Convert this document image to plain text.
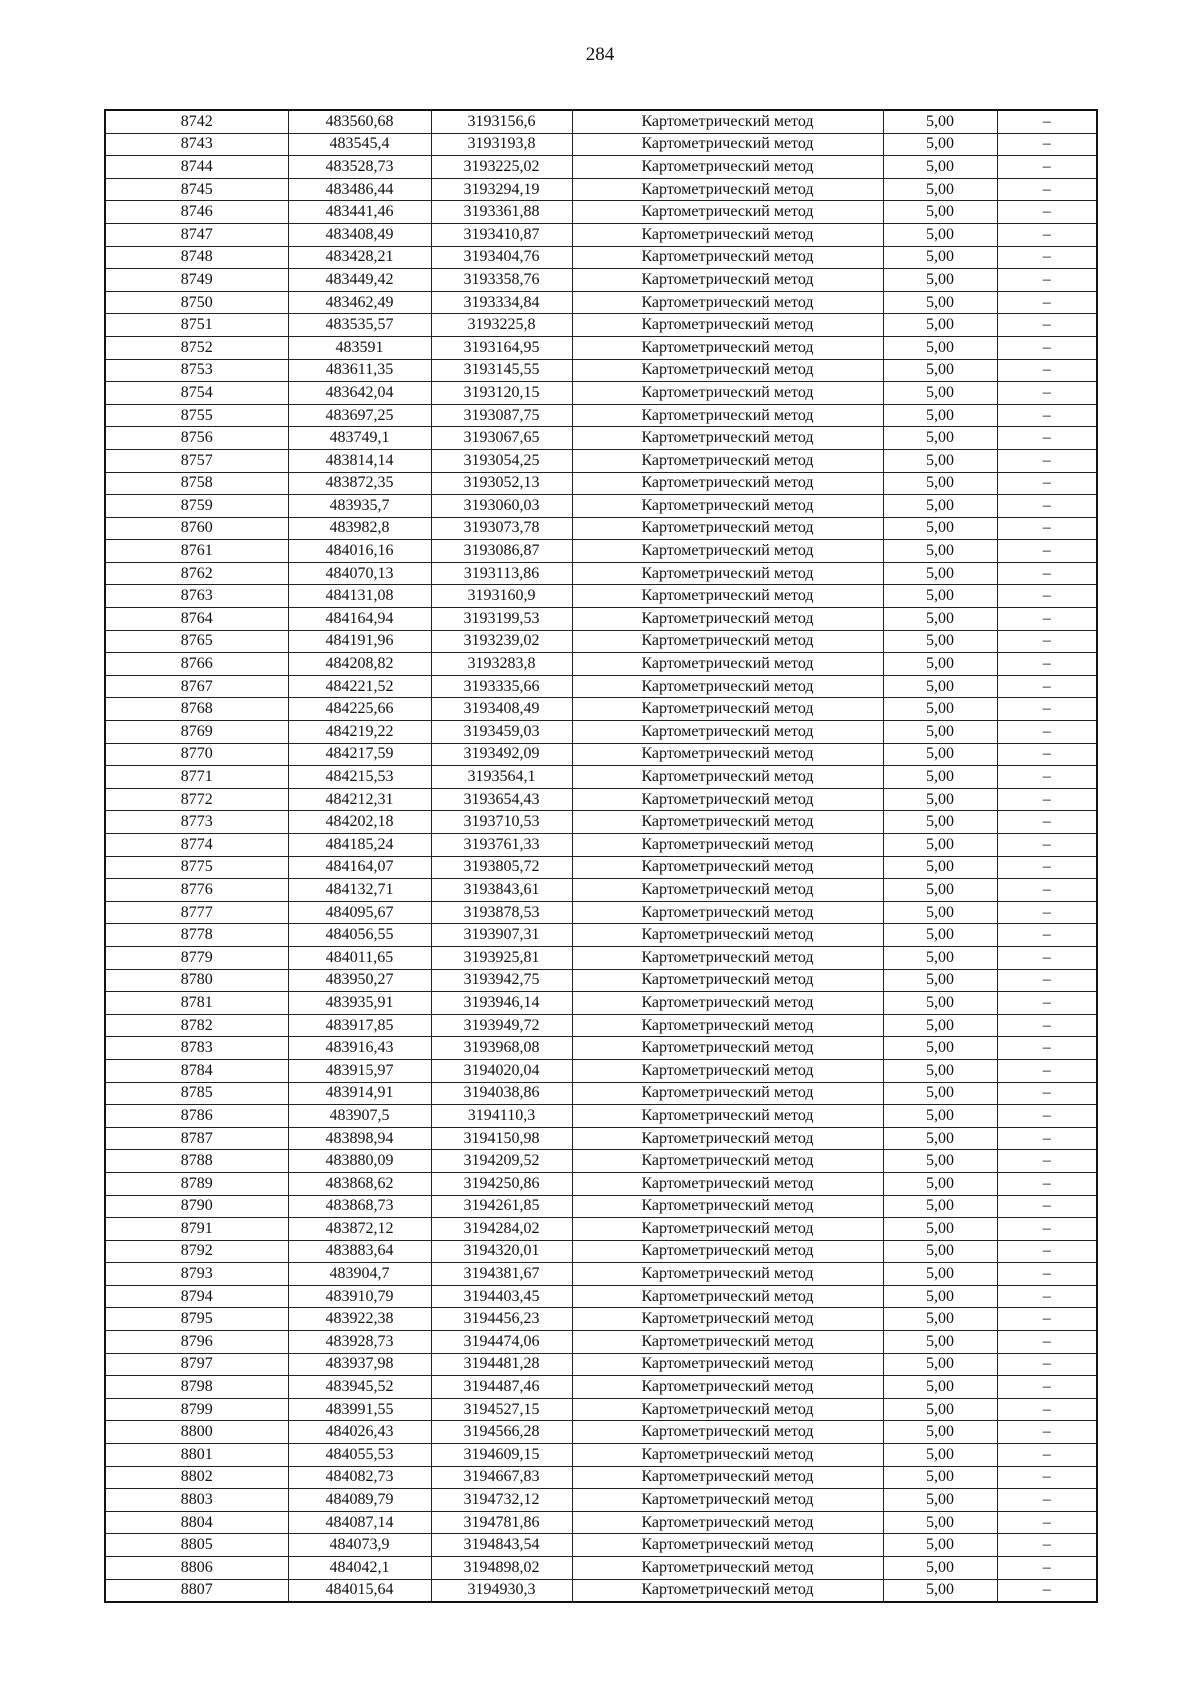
284
8742	483560,68	3193156,6	Картометрический метод	5,00	–
8743	483545,4	3193193,8	Картометрический метод	5,00	–
8744	483528,73	3193225,02	Картометрический метод	5,00	–
8745	483486,44	3193294,19	Картометрический метод	5,00	–
8746	483441,46	3193361,88	Картометрический метод	5,00	–
8747	483408,49	3193410,87	Картометрический метод	5,00	–
8748	483428,21	3193404,76	Картометрический метод	5,00	–
8749	483449,42	3193358,76	Картометрический метод	5,00	–
8750	483462,49	3193334,84	Картометрический метод	5,00	–
8751	483535,57	3193225,8	Картометрический метод	5,00	–
8752	483591	3193164,95	Картометрический метод	5,00	–
8753	483611,35	3193145,55	Картометрический метод	5,00	–
8754	483642,04	3193120,15	Картометрический метод	5,00	–
8755	483697,25	3193087,75	Картометрический метод	5,00	–
8756	483749,1	3193067,65	Картометрический метод	5,00	–
8757	483814,14	3193054,25	Картометрический метод	5,00	–
8758	483872,35	3193052,13	Картометрический метод	5,00	–
8759	483935,7	3193060,03	Картометрический метод	5,00	–
8760	483982,8	3193073,78	Картометрический метод	5,00	–
8761	484016,16	3193086,87	Картометрический метод	5,00	–
8762	484070,13	3193113,86	Картометрический метод	5,00	–
8763	484131,08	3193160,9	Картометрический метод	5,00	–
8764	484164,94	3193199,53	Картометрический метод	5,00	–
8765	484191,96	3193239,02	Картометрический метод	5,00	–
8766	484208,82	3193283,8	Картометрический метод	5,00	–
8767	484221,52	3193335,66	Картометрический метод	5,00	–
8768	484225,66	3193408,49	Картометрический метод	5,00	–
8769	484219,22	3193459,03	Картометрический метод	5,00	–
8770	484217,59	3193492,09	Картометрический метод	5,00	–
8771	484215,53	3193564,1	Картометрический метод	5,00	–
8772	484212,31	3193654,43	Картометрический метод	5,00	–
8773	484202,18	3193710,53	Картометрический метод	5,00	–
8774	484185,24	3193761,33	Картометрический метод	5,00	–
8775	484164,07	3193805,72	Картометрический метод	5,00	–
8776	484132,71	3193843,61	Картометрический метод	5,00	–
8777	484095,67	3193878,53	Картометрический метод	5,00	–
8778	484056,55	3193907,31	Картометрический метод	5,00	–
8779	484011,65	3193925,81	Картометрический метод	5,00	–
8780	483950,27	3193942,75	Картометрический метод	5,00	–
8781	483935,91	3193946,14	Картометрический метод	5,00	–
8782	483917,85	3193949,72	Картометрический метод	5,00	–
8783	483916,43	3193968,08	Картометрический метод	5,00	–
8784	483915,97	3194020,04	Картометрический метод	5,00	–
8785	483914,91	3194038,86	Картометрический метод	5,00	–
8786	483907,5	3194110,3	Картометрический метод	5,00	–
8787	483898,94	3194150,98	Картометрический метод	5,00	–
8788	483880,09	3194209,52	Картометрический метод	5,00	–
8789	483868,62	3194250,86	Картометрический метод	5,00	–
8790	483868,73	3194261,85	Картометрический метод	5,00	–
8791	483872,12	3194284,02	Картометрический метод	5,00	–
8792	483883,64	3194320,01	Картометрический метод	5,00	–
8793	483904,7	3194381,67	Картометрический метод	5,00	–
8794	483910,79	3194403,45	Картометрический метод	5,00	–
8795	483922,38	3194456,23	Картометрический метод	5,00	–
8796	483928,73	3194474,06	Картометрический метод	5,00	–
8797	483937,98	3194481,28	Картометрический метод	5,00	–
8798	483945,52	3194487,46	Картометрический метод	5,00	–
8799	483991,55	3194527,15	Картометрический метод	5,00	–
8800	484026,43	3194566,28	Картометрический метод	5,00	–
8801	484055,53	3194609,15	Картометрический метод	5,00	–
8802	484082,73	3194667,83	Картометрический метод	5,00	–
8803	484089,79	3194732,12	Картометрический метод	5,00	–
8804	484087,14	3194781,86	Картометрический метод	5,00	–
8805	484073,9	3194843,54	Картометрический метод	5,00	–
8806	484042,1	3194898,02	Картометрический метод	5,00	–
8807	484015,64	3194930,3	Картометрический метод	5,00	–
